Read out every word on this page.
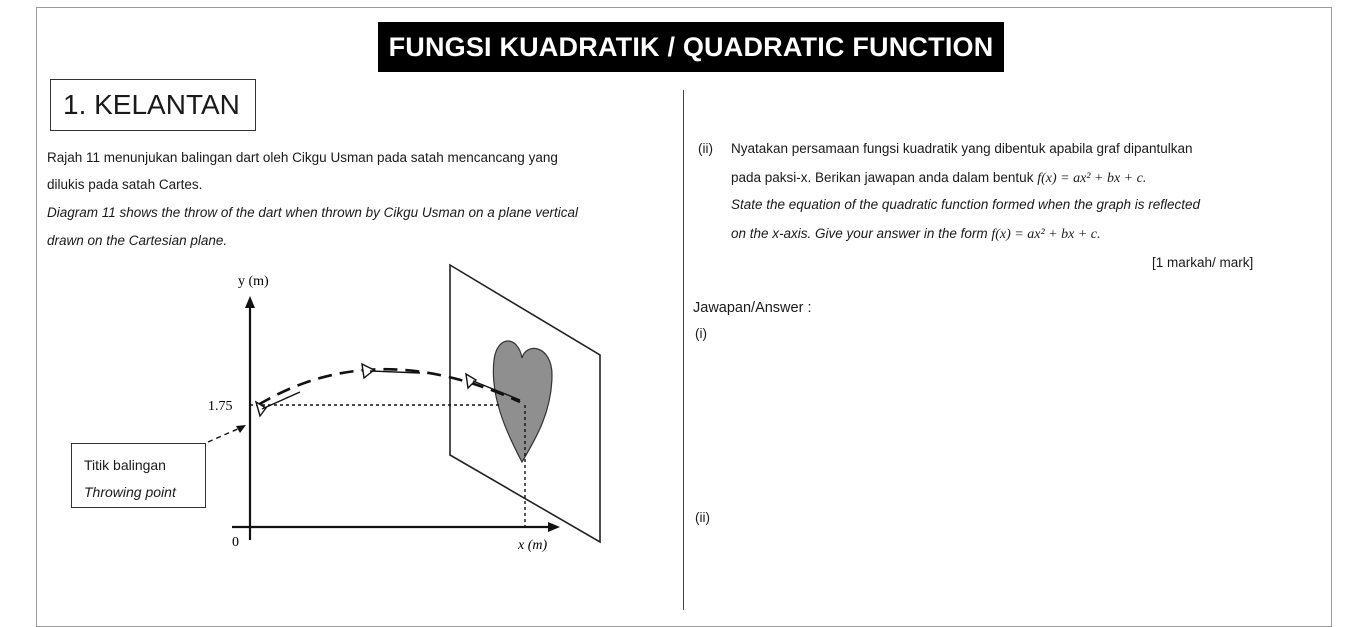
FUNGSI KUADRATIK / QUADRATIC FUNCTION
1. KELANTAN
Rajah 11 menunjukan balingan dart oleh Cikgu Usman pada satah mencancang yang
dilukis pada satah Cartes.
Diagram 11 shows the throw of the dart when thrown by Cikgu Usman on a plane vertical
drawn on the Cartesian plane.
y (m)
x (m)
0
1.75
Titik balingan
Throwing point
(ii) Nyatakan persamaan fungsi kuadratik yang dibentuk apabila graf dipantulkan
pada paksi-x. Berikan jawapan anda dalam bentuk f(x) = ax² + bx + c.
State the equation of the quadratic function formed when the graph is reflected
on the x-axis. Give your answer in the form f(x) = ax² + bx + c.
[1 markah/ mark]
Jawapan/Answer :
(i)
(ii)
